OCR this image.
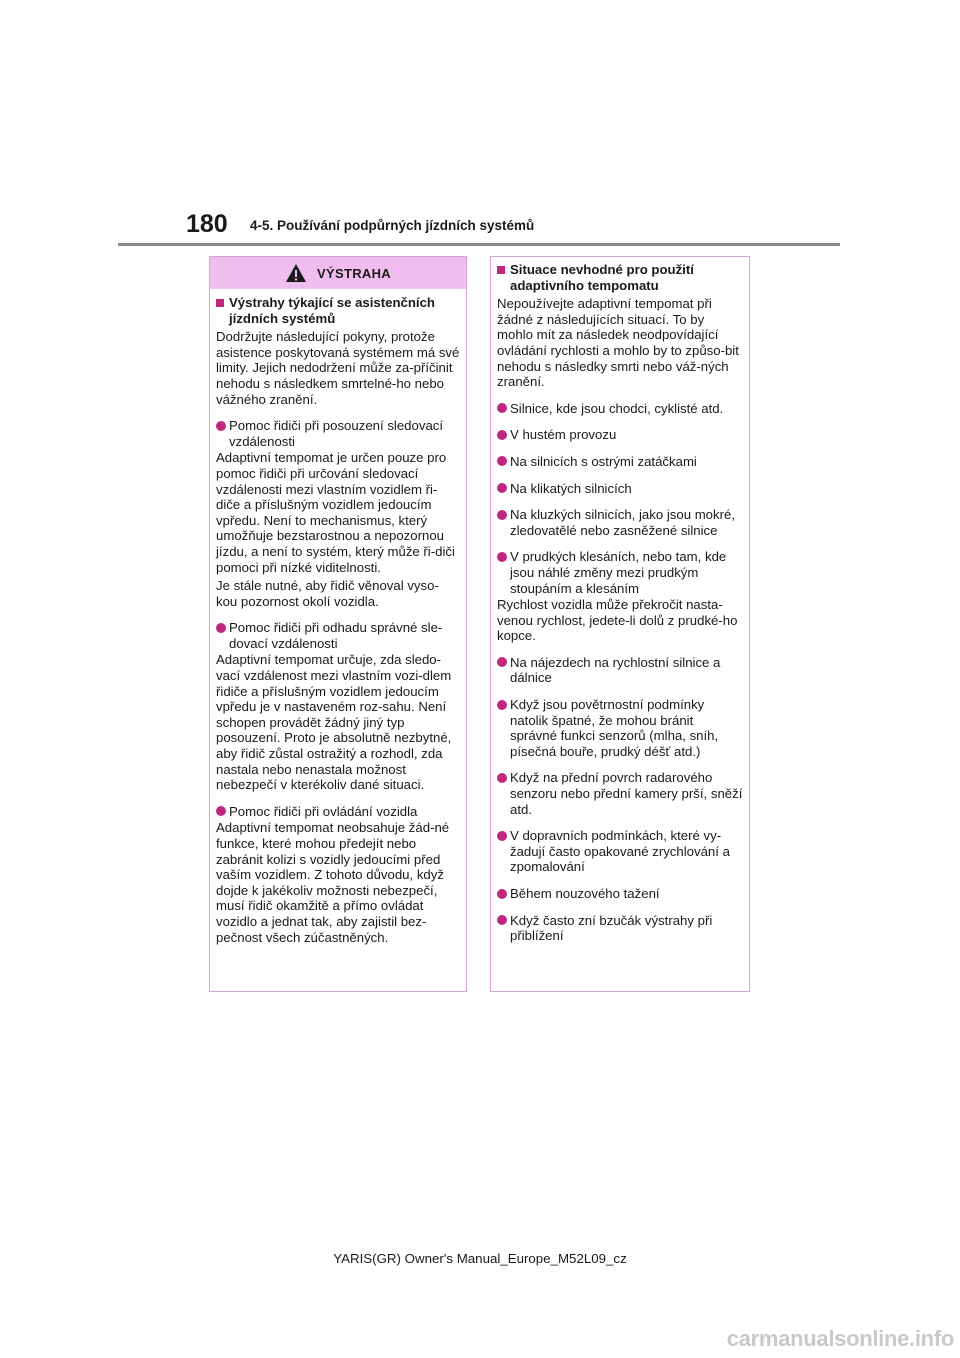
180 4-5. Používání podpůrných jízdních systémů
VÝSTRAHA
Výstrahy týkající se asistenčních jízdních systémů

Dodržujte následující pokyny, protože asistence poskytovaná systémem má své limity. Jejich nedodržení může za-příčinit nehodu s následkem smrtelné-ho nebo vážného zranění.

Pomoc řidiči při posouzení sledovací vzdálenosti

Adaptivní tempomat je určen pouze pro pomoc řidiči při určování sledovací vzdálenosti mezi vlastním vozidlem ři-diče a příslušným vozidlem jedoucím vpředu. Není to mechanismus, který umožňuje bezstarostnou a nepozornou jízdu, a není to systém, který může ři-diči pomoci při nízké viditelnosti.

Je stále nutné, aby řidič věnoval vyso-kou pozornost okolí vozidla.

Pomoc řidiči při odhadu správné sle-dovací vzdálenosti

Adaptivní tempomat určuje, zda sledo-vací vzdálenost mezi vlastním vozi-dlem řidiče a příslušným vozidlem jedoucím vpředu je v nastaveném roz-sahu. Není schopen provádět žádný jiný typ posouzení. Proto je absolutně nezbytné, aby řidič zůstal ostražitý a rozhodl, zda nastala nebo nenastala možnost nebezpečí v kterékoliv dané situaci.

Pomoc řidiči při ovládání vozidla

Adaptivní tempomat neobsahuje žád-né funkce, které mohou předejít nebo zabránit kolizi s vozidly jedoucími před vaším vozidlem. Z tohoto důvodu, když dojde k jakékoliv možnosti nebezpečí, musí řidič okamžitě a přímo ovládat vozidlo a jednat tak, aby zajistil bez-pečnost všech zúčastněných.

Situace nevhodné pro použití adaptivního tempomatu

Nepoužívejte adaptivní tempomat při žádné z následujících situací. To by mohlo mít za následek neodpovídající ovládání rychlosti a mohlo by to způso-bit nehodu s následky smrti nebo váž-ných zranění.

Silnice, kde jsou chodci, cyklisté atd.
V hustém provozu
Na silnicích s ostrými zatáčkami
Na klikatých silnicích
Na kluzkých silnicích, jako jsou mokré, zledovatělé nebo zasněžené silnice
V prudkých klesáních, nebo tam, kde jsou náhlé změny mezi prudkým stoupáním a klesáním

Rychlost vozidla může překročit nasta-venou rychlost, jedete-li dolů z prudké-ho kopce.

Na nájezdech na rychlostní silnice a dálnice
Když jsou povětrnostní podmínky natolik špatné, že mohou bránit správné funkci senzorů (mlha, sníh, písečná bouře, prudký déšť atd.)
Když na přední povrch radarového senzoru nebo přední kamery prší, sněží atd.
V dopravních podmínkách, které vy-žadují často opakované zrychlování a zpomalování
Během nouzového tažení
Když často zní bzučák výstrahy při přiblížení
YARIS(GR) Owner's Manual_Europe_M52L09_cz
carmanualsonline.info
